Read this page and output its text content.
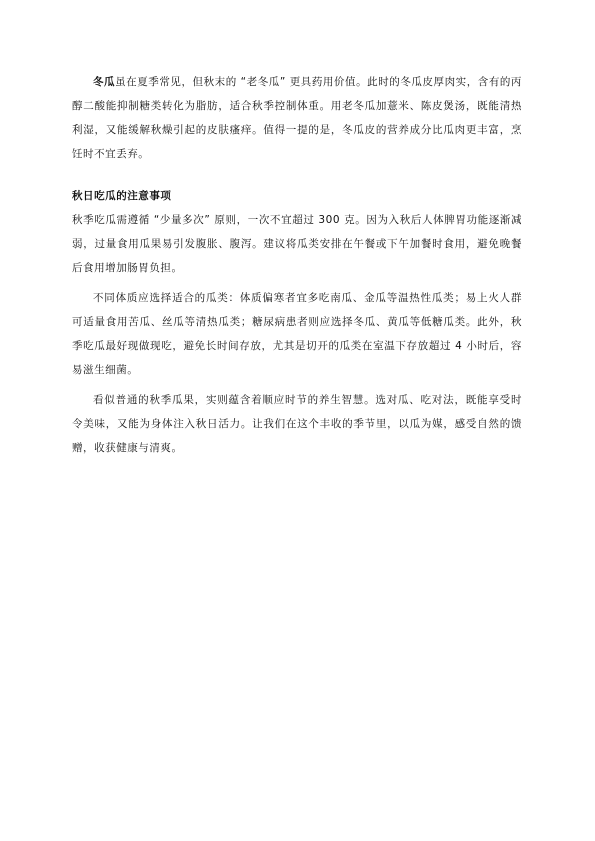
冬瓜虽在夏季常见，但秋末的 “老冬瓜” 更具药用价值。此时的冬瓜皮厚肉实，含有的丙醇二酸能抑制糖类转化为脂肪，适合秋季控制体重。用老冬瓜加薏米、陈皮煲汤，既能清热利湿，又能缓解秋燥引起的皮肤瘙痒。值得一提的是，冬瓜皮的营养成分比瓜肉更丰富，烹饪时不宜丢弃。

秋日吃瓜的注意事项

秋季吃瓜需遵循 “少量多次” 原则，一次不宜超过 300 克。因为入秋后人体脾胃功能逐渐减弱，过量食用瓜果易引发腹胀、腹泻。建议将瓜类安排在午餐或下午加餐时食用，避免晚餐后食用增加肠胃负担。

不同体质应选择适合的瓜类：体质偏寒者宜多吃南瓜、金瓜等温热性瓜类；易上火人群可适量食用苦瓜、丝瓜等清热瓜类；糖尿病患者则应选择冬瓜、黄瓜等低糖瓜类。此外，秋季吃瓜最好现做现吃，避免长时间存放，尤其是切开的瓜类在室温下存放超过 4 小时后，容易滋生细菌。

看似普通的秋季瓜果，实则蕴含着顺应时节的养生智慧。选对瓜、吃对法，既能享受时令美味，又能为身体注入秋日活力。让我们在这个丰收的季节里，以瓜为媒，感受自然的馈赠，收获健康与清爽。
